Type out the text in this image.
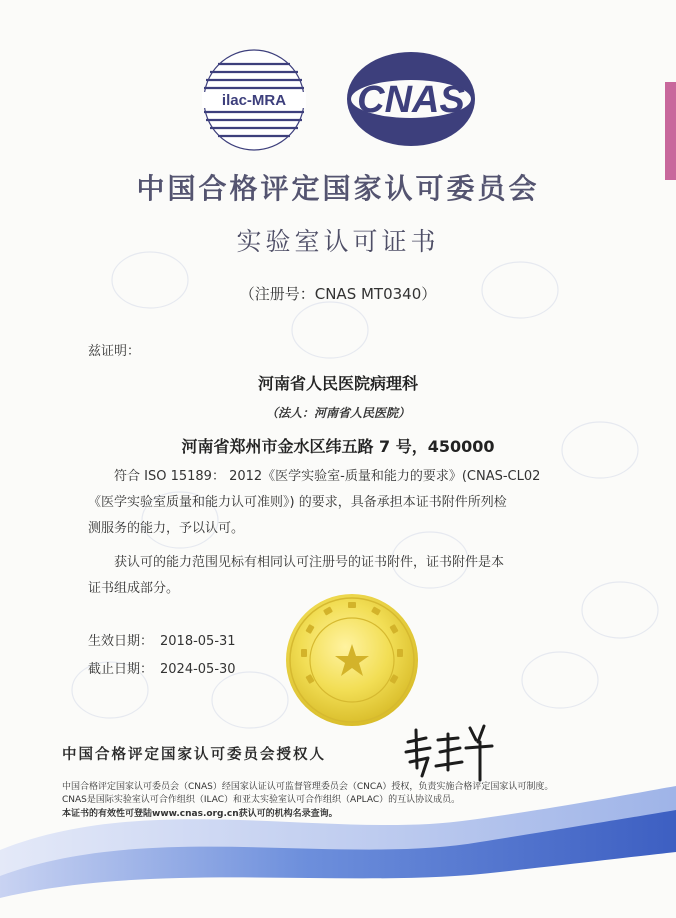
ilac-MRA CNAS
中国合格评定国家认可委员会
实验室认可证书
（注册号：CNAS MT0340）
兹证明：
河南省人民医院病理科
（法人：河南省人民医院）
河南省郑州市金水区纬五路 7 号，450000
符合 ISO 15189： 2012《医学实验室-质量和能力的要求》(CNAS-CL02
《医学实验室质量和能力认可准则》) 的要求，具备承担本证书附件所列检
测服务的能力，予以认可。
获认可的能力范围见标有相同认可注册号的证书附件，证书附件是本
证书组成部分。
生效日期： 2018-05-31
截止日期： 2024-05-30
中国合格评定国家认可委员会授权人
中国合格评定国家认可委员会（CNAS）经国家认证认可监督管理委员会（CNCA）授权，负责实施合格评定国家认可制度。
CNAS是国际实验室认可合作组织（ILAC）和亚太实验室认可合作组织（APLAC）的互认协议成员。
本证书的有效性可登陆www.cnas.org.cn获认可的机构名录查询。
